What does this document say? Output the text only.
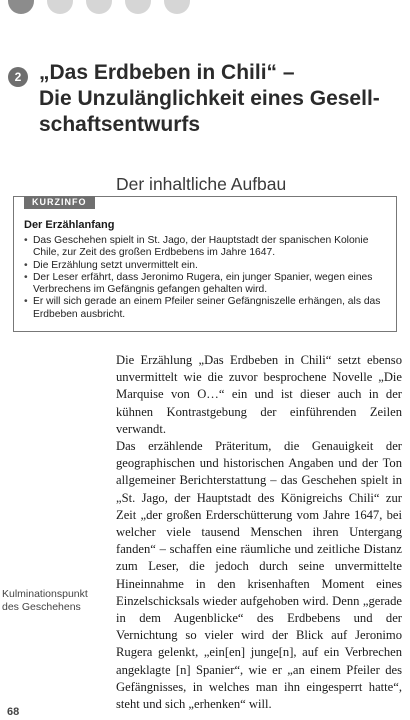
2 „Das Erdbeben in Chili“ –
Die Unzulänglichkeit eines Gesell-
schaftsentwurfs
Der inhaltliche Aufbau
KURZINFO
Der Erzählanfang
• Das Geschehen spielt in St. Jago, der Hauptstadt der spanischen Kolonie Chile, zur Zeit des großen Erdbebens im Jahre 1647.
• Die Erzählung setzt unvermittelt ein.
• Der Leser erfährt, dass Jeronimo Rugera, ein junger Spanier, wegen eines Verbrechens im Gefängnis gefangen gehalten wird.
• Er will sich gerade an einem Pfeiler seiner Gefängniszelle erhängen, als das Erdbeben ausbricht.

Die Erzählung „Das Erdbeben in Chili“ setzt ebenso unvermittelt wie die zuvor besprochene Novelle „Die Marquise von O…“ ein und ist dieser auch in der kühnen Kontrastgebung der einführenden Zeilen verwandt.

Das erzählende Präteritum, die Genauigkeit der geographischen und historischen Angaben und der Ton allgemeiner Berichterstattung – das Geschehen spielt in „St. Jago, der Hauptstadt des Königreichs Chili“ zur Zeit „der großen Erderschütterung vom Jahre 1647, bei welcher viele tausend Menschen ihren Untergang fanden“ – schaffen eine räumliche und zeitliche Distanz zum Leser, die jedoch durch seine unvermittelte Hineinnahme in den krisenhaften Moment eines Einzelschicksals wieder aufgehoben wird. Denn „gerade in dem Augenblicke“ des Erdbebens und der Vernichtung so vieler wird der Blick auf Jeronimo Rugera gelenkt, „ein[en] junge[n], auf ein Verbrechen angeklagte [n] Spanier“, wie er „an einem Pfeiler des Gefängnisses, in welches man ihn eingesperrt hatte“, steht und sich „erhenken“ will.

Kulminationspunkt des Geschehens
68
